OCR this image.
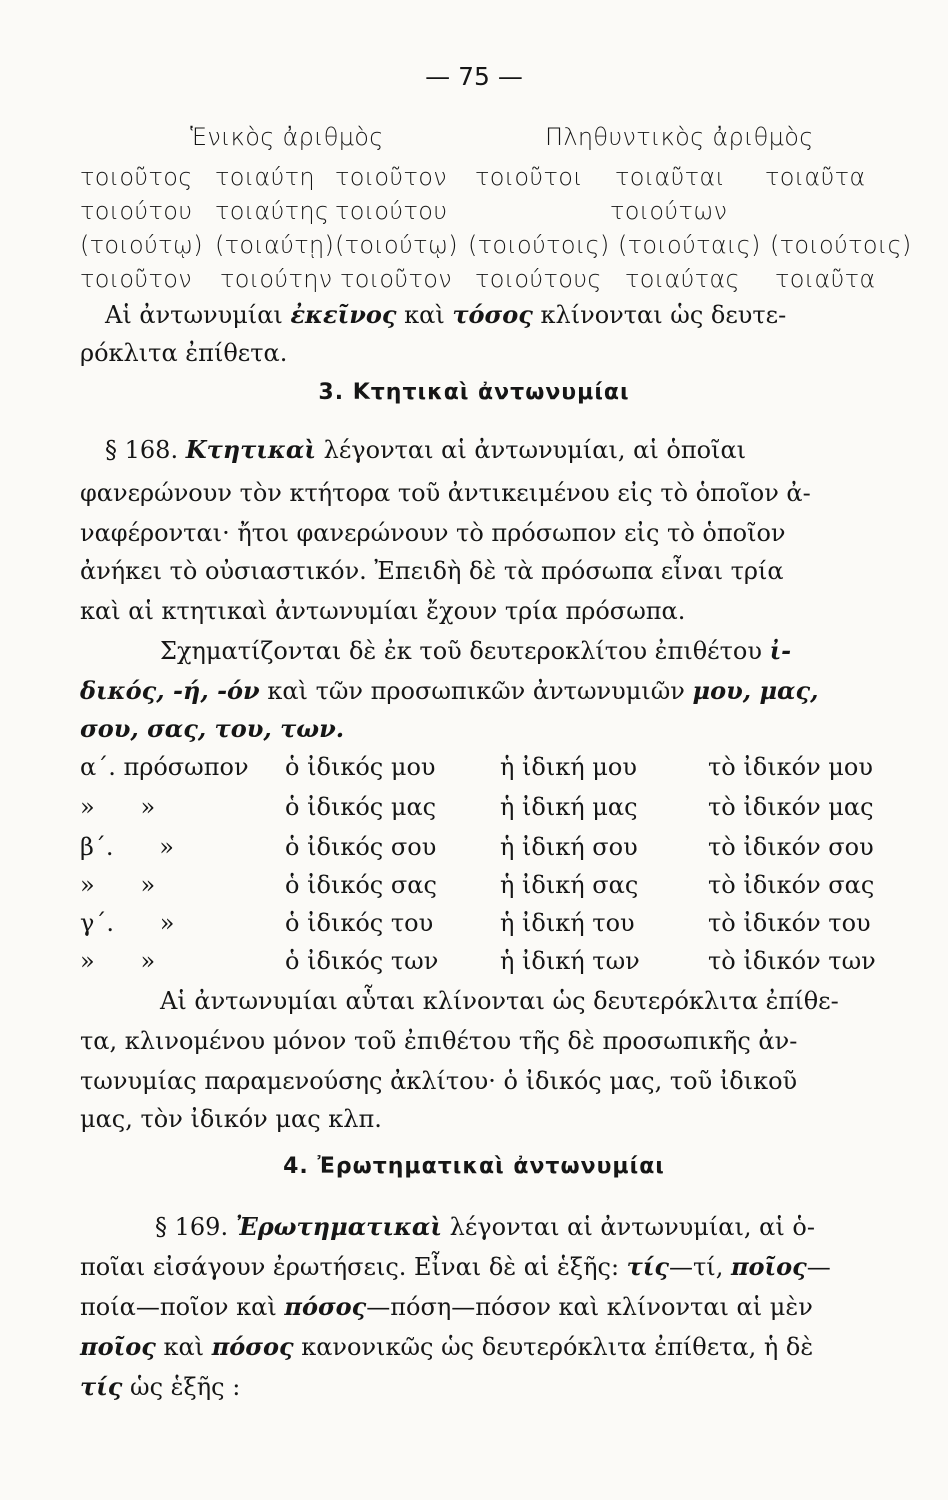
— 75 —
Ἑνικὸς ἀριθμὸς	Πληθυντικὸς ἀριθμὸς
τοιοῦτος τοιαύτη τοιοῦτον τοιοῦτοι τοιαῦται τοιαῦτα
τοιούτου τοιαύτης τοιούτου	τοιούτων
(τοιούτῳ) (τοιαύτῃ) (τοιούτῳ) (τοιούτοις) (τοιούταις) (τοιούτοις)
τοιοῦτον τοιούτην τοιοῦτον τοιούτους τοιαύτας τοιαῦτα
Αἱ ἀντωνυμίαι ἐκεῖνος καὶ τόσος κλίνονται ὡς δευτε-
ρόκλιτα ἐπίθετα.
3. Κτητικαὶ ἀντωνυμίαι
§ 168. Κτητικαὶ λέγονται αἱ ἀντωνυμίαι, αἱ ὁποῖαι
φανερώνουν τὸν κτήτορα τοῦ ἀντικειμένου εἰς τὸ ὁποῖον ἀ-
ναφέρονται· ἤτοι φανερώνουν τὸ πρόσωπον εἰς τὸ ὁποῖον
ἀνήκει τὸ οὐσιαστικόν. Ἐπειδὴ δὲ τὰ πρόσωπα εἶναι τρία
καὶ αἱ κτητικαὶ ἀντωνυμίαι ἔχουν τρία πρόσωπα.
Σχηματίζονται δὲ ἐκ τοῦ δευτεροκλίτου ἐπιθέτου ἰ-
δικός, -ή, -όν καὶ τῶν προσωπικῶν ἀντωνυμιῶν μου, μας,
σου, σας, του, των.
α΄. πρόσωπον ὁ ἰδικός μου	ἡ ἰδική μου	τὸ ἰδικόν μου
»      »	ὁ ἰδικός μας	ἡ ἰδική μας	τὸ ἰδικόν μας
β΄.      »	ὁ ἰδικός σου	ἡ ἰδική σου	τὸ ἰδικόν σου
»      »	ὁ ἰδικός σας	ἡ ἰδική σας	τὸ ἰδικόν σας
γ΄.      »	ὁ ἰδικός του	ἡ ἰδική του	τὸ ἰδικόν του
»      »	ὁ ἰδικός των	ἡ ἰδική των	τὸ ἰδικόν των
Αἱ ἀντωνυμίαι αὗται κλίνονται ὡς δευτερόκλιτα ἐπίθε-
τα, κλινομένου μόνον τοῦ ἐπιθέτου τῆς δὲ προσωπικῆς ἀν-
τωνυμίας παραμενούσης ἀκλίτου· ὁ ἰδικός μας, τοῦ ἰδικοῦ
μας, τὸν ἰδικόν μας κλπ.
4. Ἐρωτηματικαὶ ἀντωνυμίαι
§ 169. Ἐρωτηματικαὶ λέγονται αἱ ἀντωνυμίαι, αἱ ὁ-
ποῖαι εἰσάγουν ἐρωτήσεις. Εἶναι δὲ αἱ ἑξῆς: τίς—τί, ποῖος—
ποία—ποῖον καὶ πόσος—πόση—πόσον καὶ κλίνονται αἱ μὲν
ποῖος καὶ πόσος κανονικῶς ὡς δευτερόκλιτα ἐπίθετα, ἡ δὲ
τίς ὡς ἑξῆς :
